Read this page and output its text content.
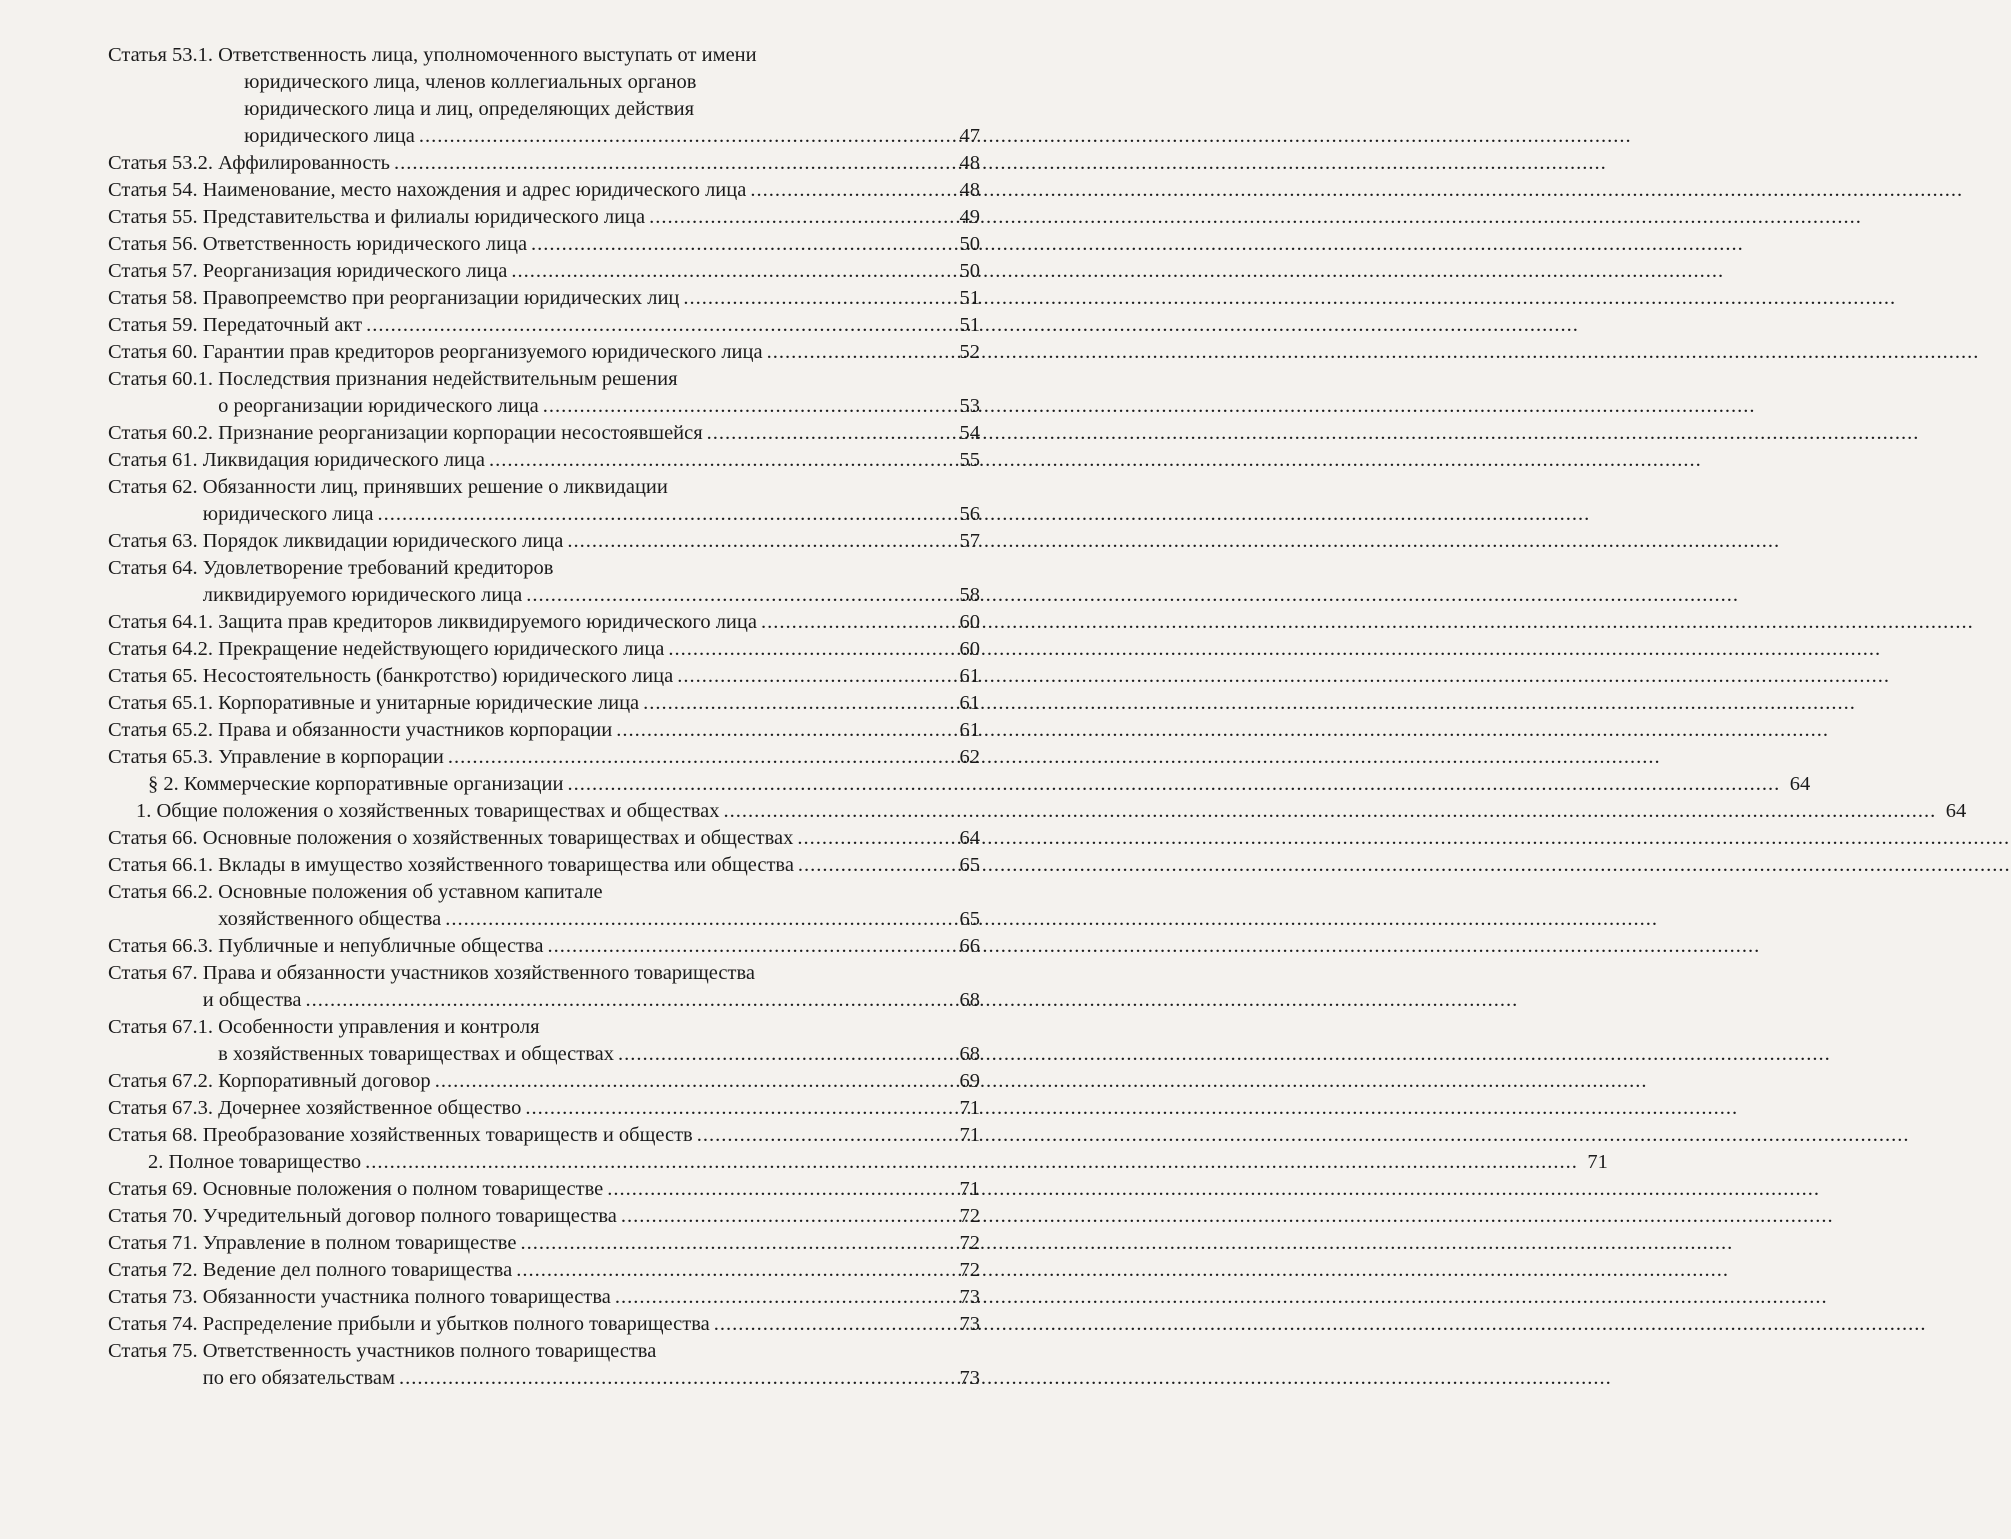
Статья 53.1. Ответственность лица, уполномоченного выступать от имени
юридического лица, членов коллегиальных органов
юридического лица и лиц, определяющих действия
юридического лица .....	47
Статья 53.2. Аффилированность .....	48
Статья 54. Наименование, место нахождения и адрес юридического лица .....	48
Статья 55. Представительства и филиалы юридического лица .....	49
Статья 56. Ответственность юридического лица .....	50
Статья 57. Реорганизация юридического лица .....	50
Статья 58. Правопреемство при реорганизации юридических лиц .....	51
Статья 59. Передаточный акт .....	51
Статья 60. Гарантии прав кредиторов реорганизуемого юридического лица .....	52
Статья 60.1. Последствия признания недействительным решения
о реорганизации юридического лица .....	53
Статья 60.2. Признание реорганизации корпорации несостоявшейся .....	54
Статья 61. Ликвидация юридического лица .....	55
Статья 62. Обязанности лиц, принявших решение о ликвидации
юридического лица .....	56
Статья 63. Порядок ликвидации юридического лица .....	57
Статья 64. Удовлетворение требований кредиторов
ликвидируемого юридического лица .....	58
Статья 64.1. Защита прав кредиторов ликвидируемого юридического лица .....	60
Статья 64.2. Прекращение недействующего юридического лица .....	60
Статья 65. Несостоятельность (банкротство) юридического лица .....	61
Статья 65.1. Корпоративные и унитарные юридические лица .....	61
Статья 65.2. Права и обязанности участников корпорации .....	61
Статья 65.3. Управление в корпорации .....	62
§ 2. Коммерческие корпоративные организации .....	64
1. Общие положения о хозяйственных товариществах и обществах .....	64
Статья 66. Основные положения о хозяйственных товариществах и обществах .....	64
Статья 66.1. Вклады в имущество хозяйственного товарищества или общества .....	65
Статья 66.2. Основные положения об уставном капитале
хозяйственного общества .....	65
Статья 66.3. Публичные и непубличные общества .....	66
Статья 67. Права и обязанности участников хозяйственного товарищества
и общества .....	68
Статья 67.1. Особенности управления и контроля
в хозяйственных товариществах и обществах .....	68
Статья 67.2. Корпоративный договор .....	69
Статья 67.3. Дочернее хозяйственное общество .....	71
Статья 68. Преобразование хозяйственных товариществ и обществ .....	71
2. Полное товарищество .....	71
Статья 69. Основные положения о полном товариществе .....	71
Статья 70. Учредительный договор полного товарищества .....	72
Статья 71. Управление в полном товариществе .....	72
Статья 72. Ведение дел полного товарищества .....	72
Статья 73. Обязанности участника полного товарищества .....	73
Статья 74. Распределение прибыли и убытков полного товарищества .....	73
Статья 75. Ответственность участников полного товарищества
по его обязательствам .....	73
